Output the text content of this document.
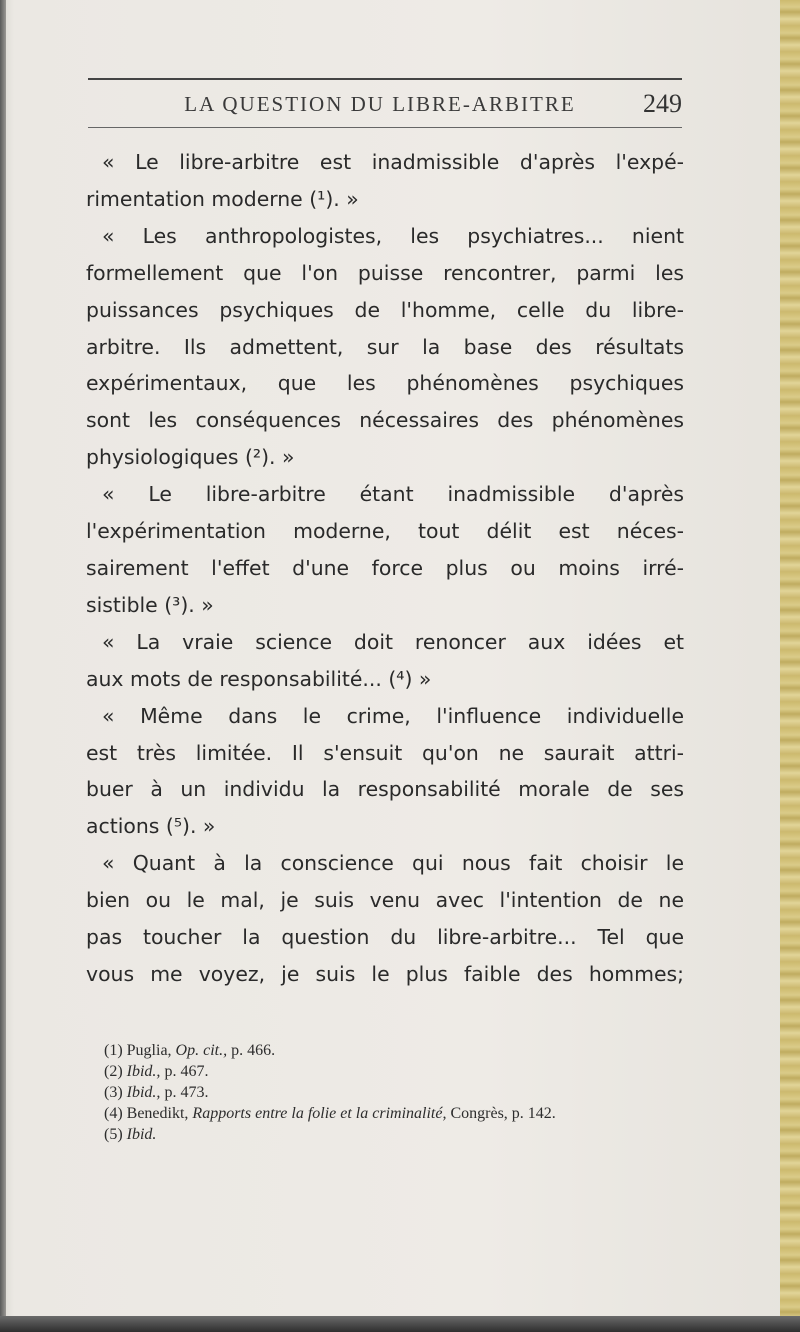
LA QUESTION DU LIBRE-ARBITRE	249
« Le libre-arbitre est inadmissible d'après l'expé-
rimentation moderne (¹). »
« Les anthropologistes, les psychiatres... nient
formellement que l'on puisse rencontrer, parmi les
puissances psychiques de l'homme, celle du libre-
arbitre. Ils admettent, sur la base des résultats
expérimentaux, que les phénomènes psychiques
sont les conséquences nécessaires des phénomènes
physiologiques (²). »
« Le libre-arbitre étant inadmissible d'après
l'expérimentation moderne, tout délit est néces-
sairement l'effet d'une force plus ou moins irré-
sistible (³). »
« La vraie science doit renoncer aux idées et
aux mots de responsabilité... (⁴) »
« Même dans le crime, l'influence individuelle
est très limitée. Il s'ensuit qu'on ne saurait attri-
buer à un individu la responsabilité morale de ses
actions (⁵). »
« Quant à la conscience qui nous fait choisir le
bien ou le mal, je suis venu avec l'intention de ne
pas toucher la question du libre-arbitre... Tel que
vous me voyez, je suis le plus faible des hommes;
(1) Puglia, Op. cit., p. 466.
(2) Ibid., p. 467.
(3) Ibid., p. 473.
(4) Benedikt, Rapports entre la folie et la criminalité, Congrès, p. 142.
(5) Ibid.
